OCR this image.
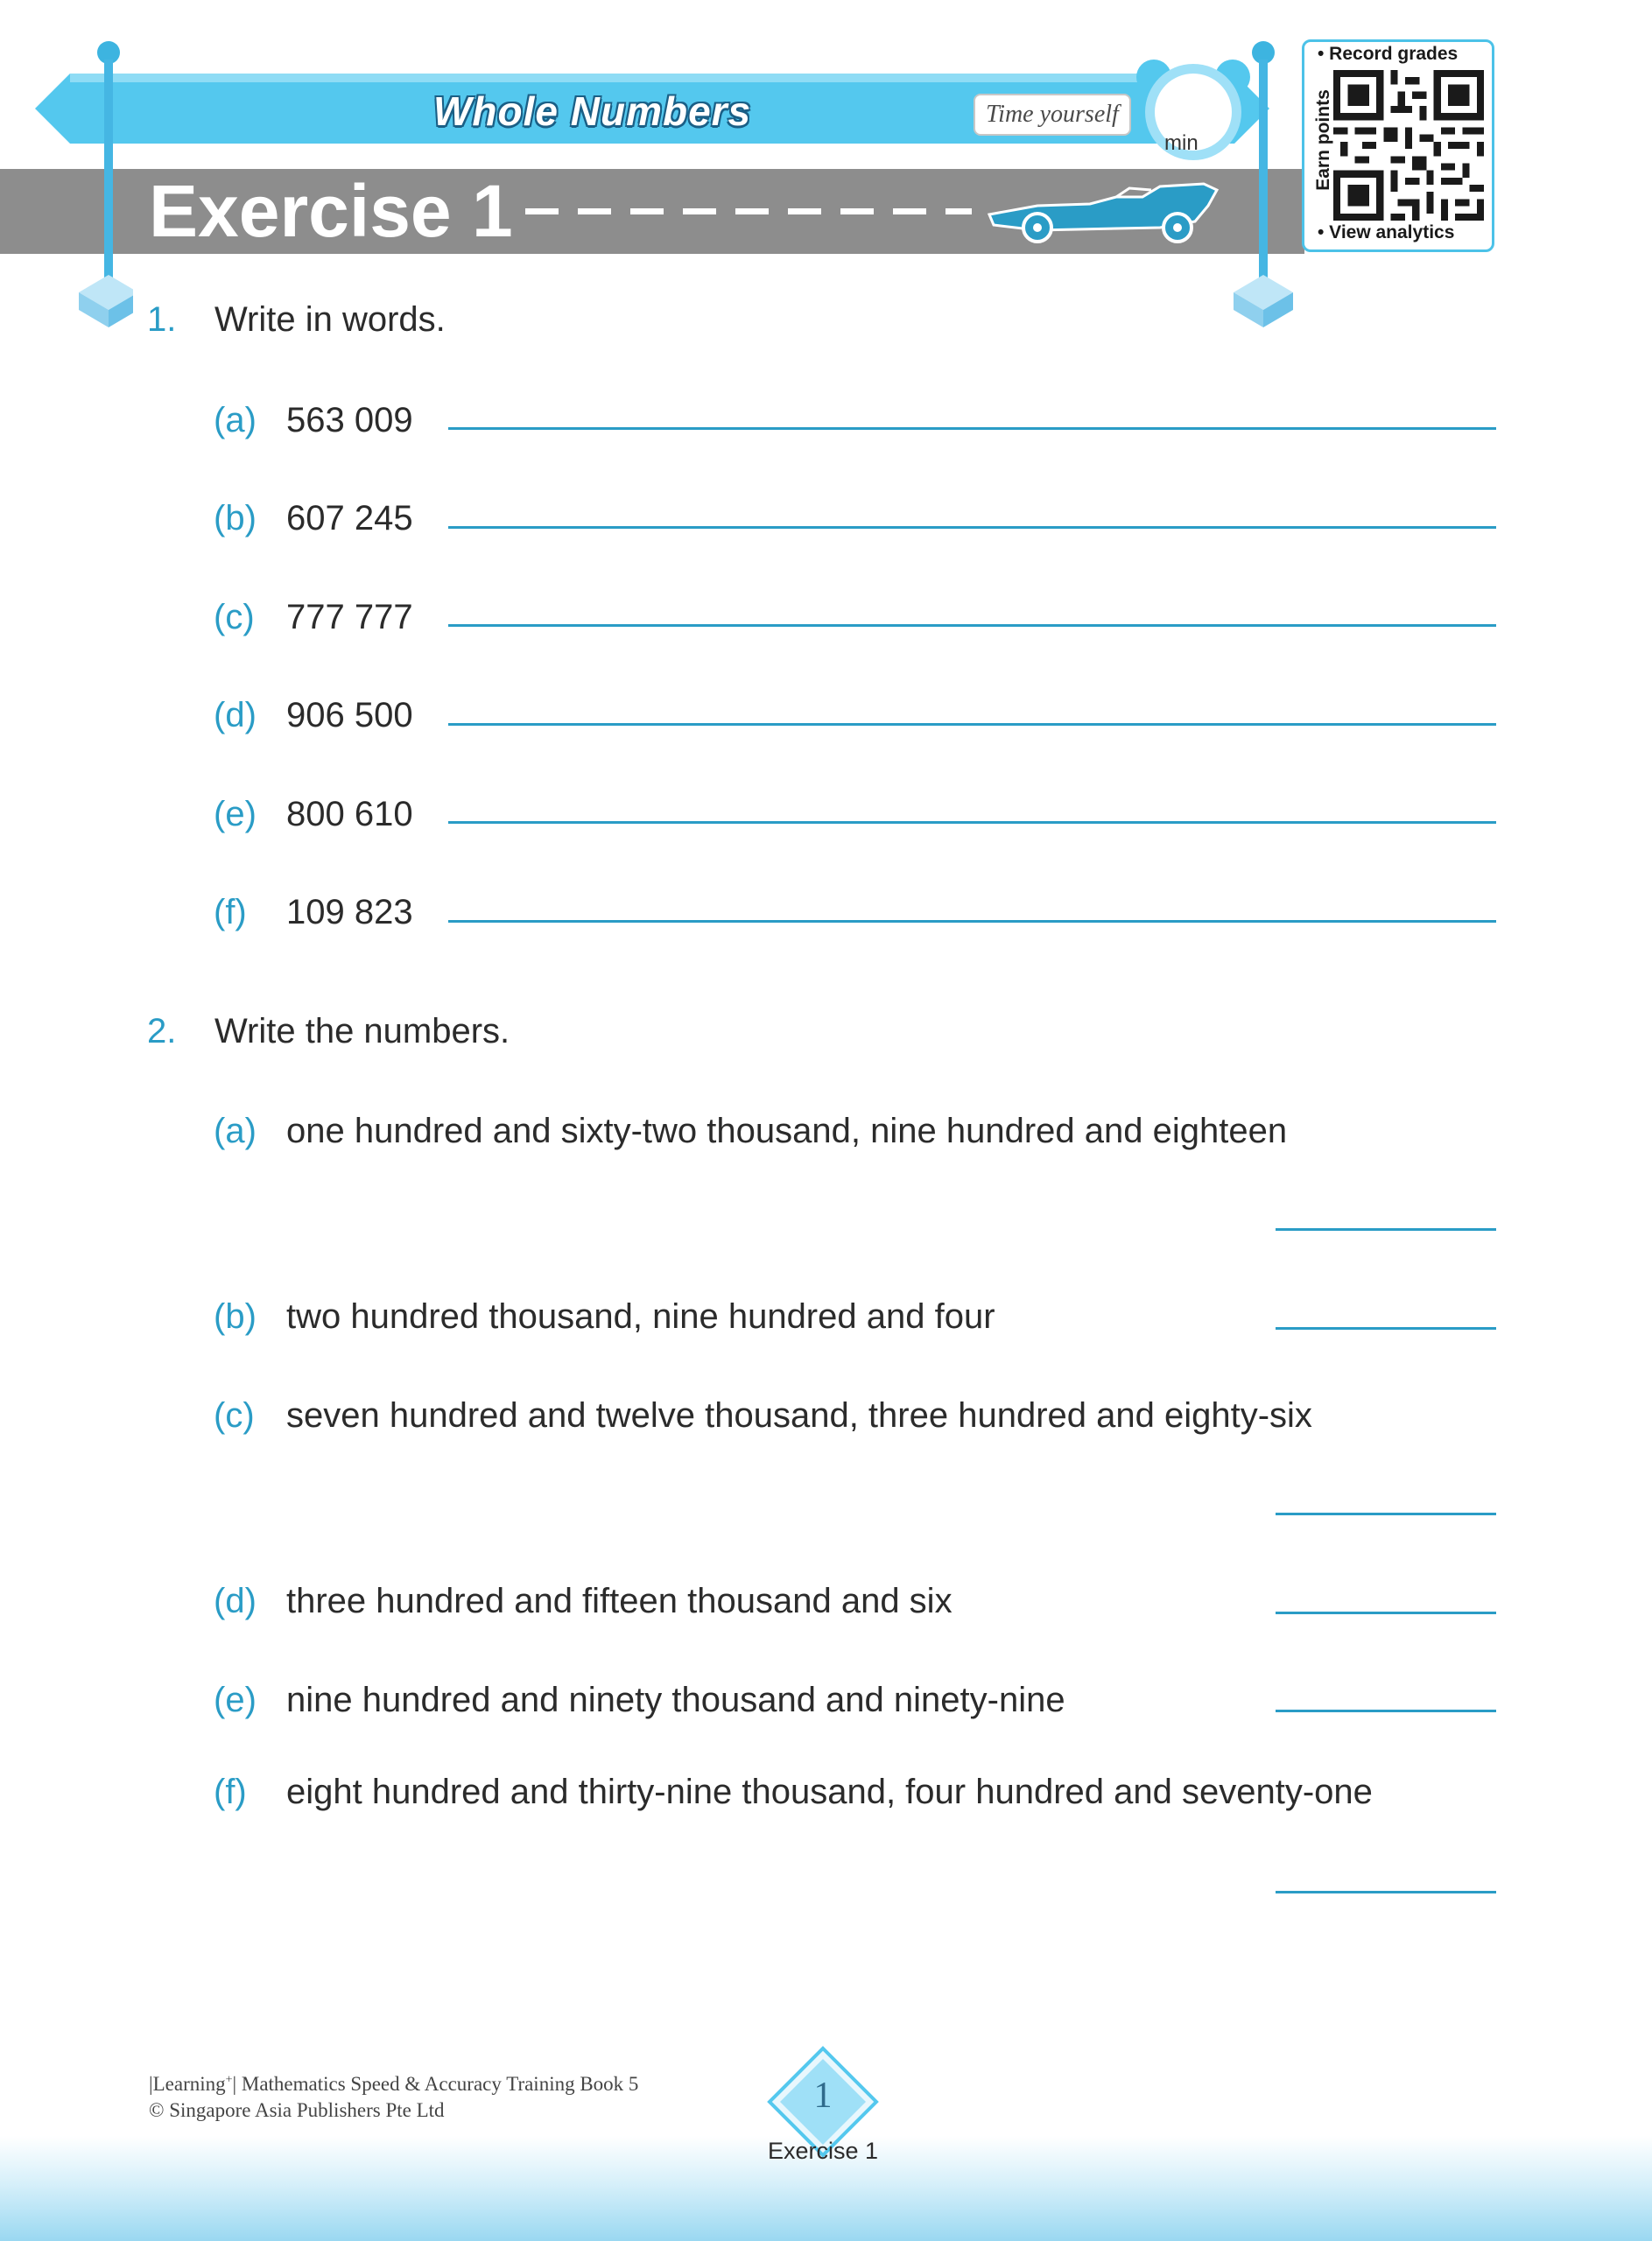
Whole Numbers
Exercise 1
Time yourself
min
• Record grades
Earn points
• View analytics
1. Write in words.
(a) 563 009
(b) 607 245
(c) 777 777
(d) 906 500
(e) 800 610
(f) 109 823
2. Write the numbers.
(a) one hundred and sixty-two thousand, nine hundred and eighteen
(b) two hundred thousand, nine hundred and four
(c) seven hundred and twelve thousand, three hundred and eighty-six
(d) three hundred and fifteen thousand and six
(e) nine hundred and ninety thousand and ninety-nine
(f) eight hundred and thirty-nine thousand, four hundred and seventy-one
|Learning+| Mathematics Speed & Accuracy Training Book 5
© Singapore Asia Publishers Pte Ltd	1
Exercise 1
